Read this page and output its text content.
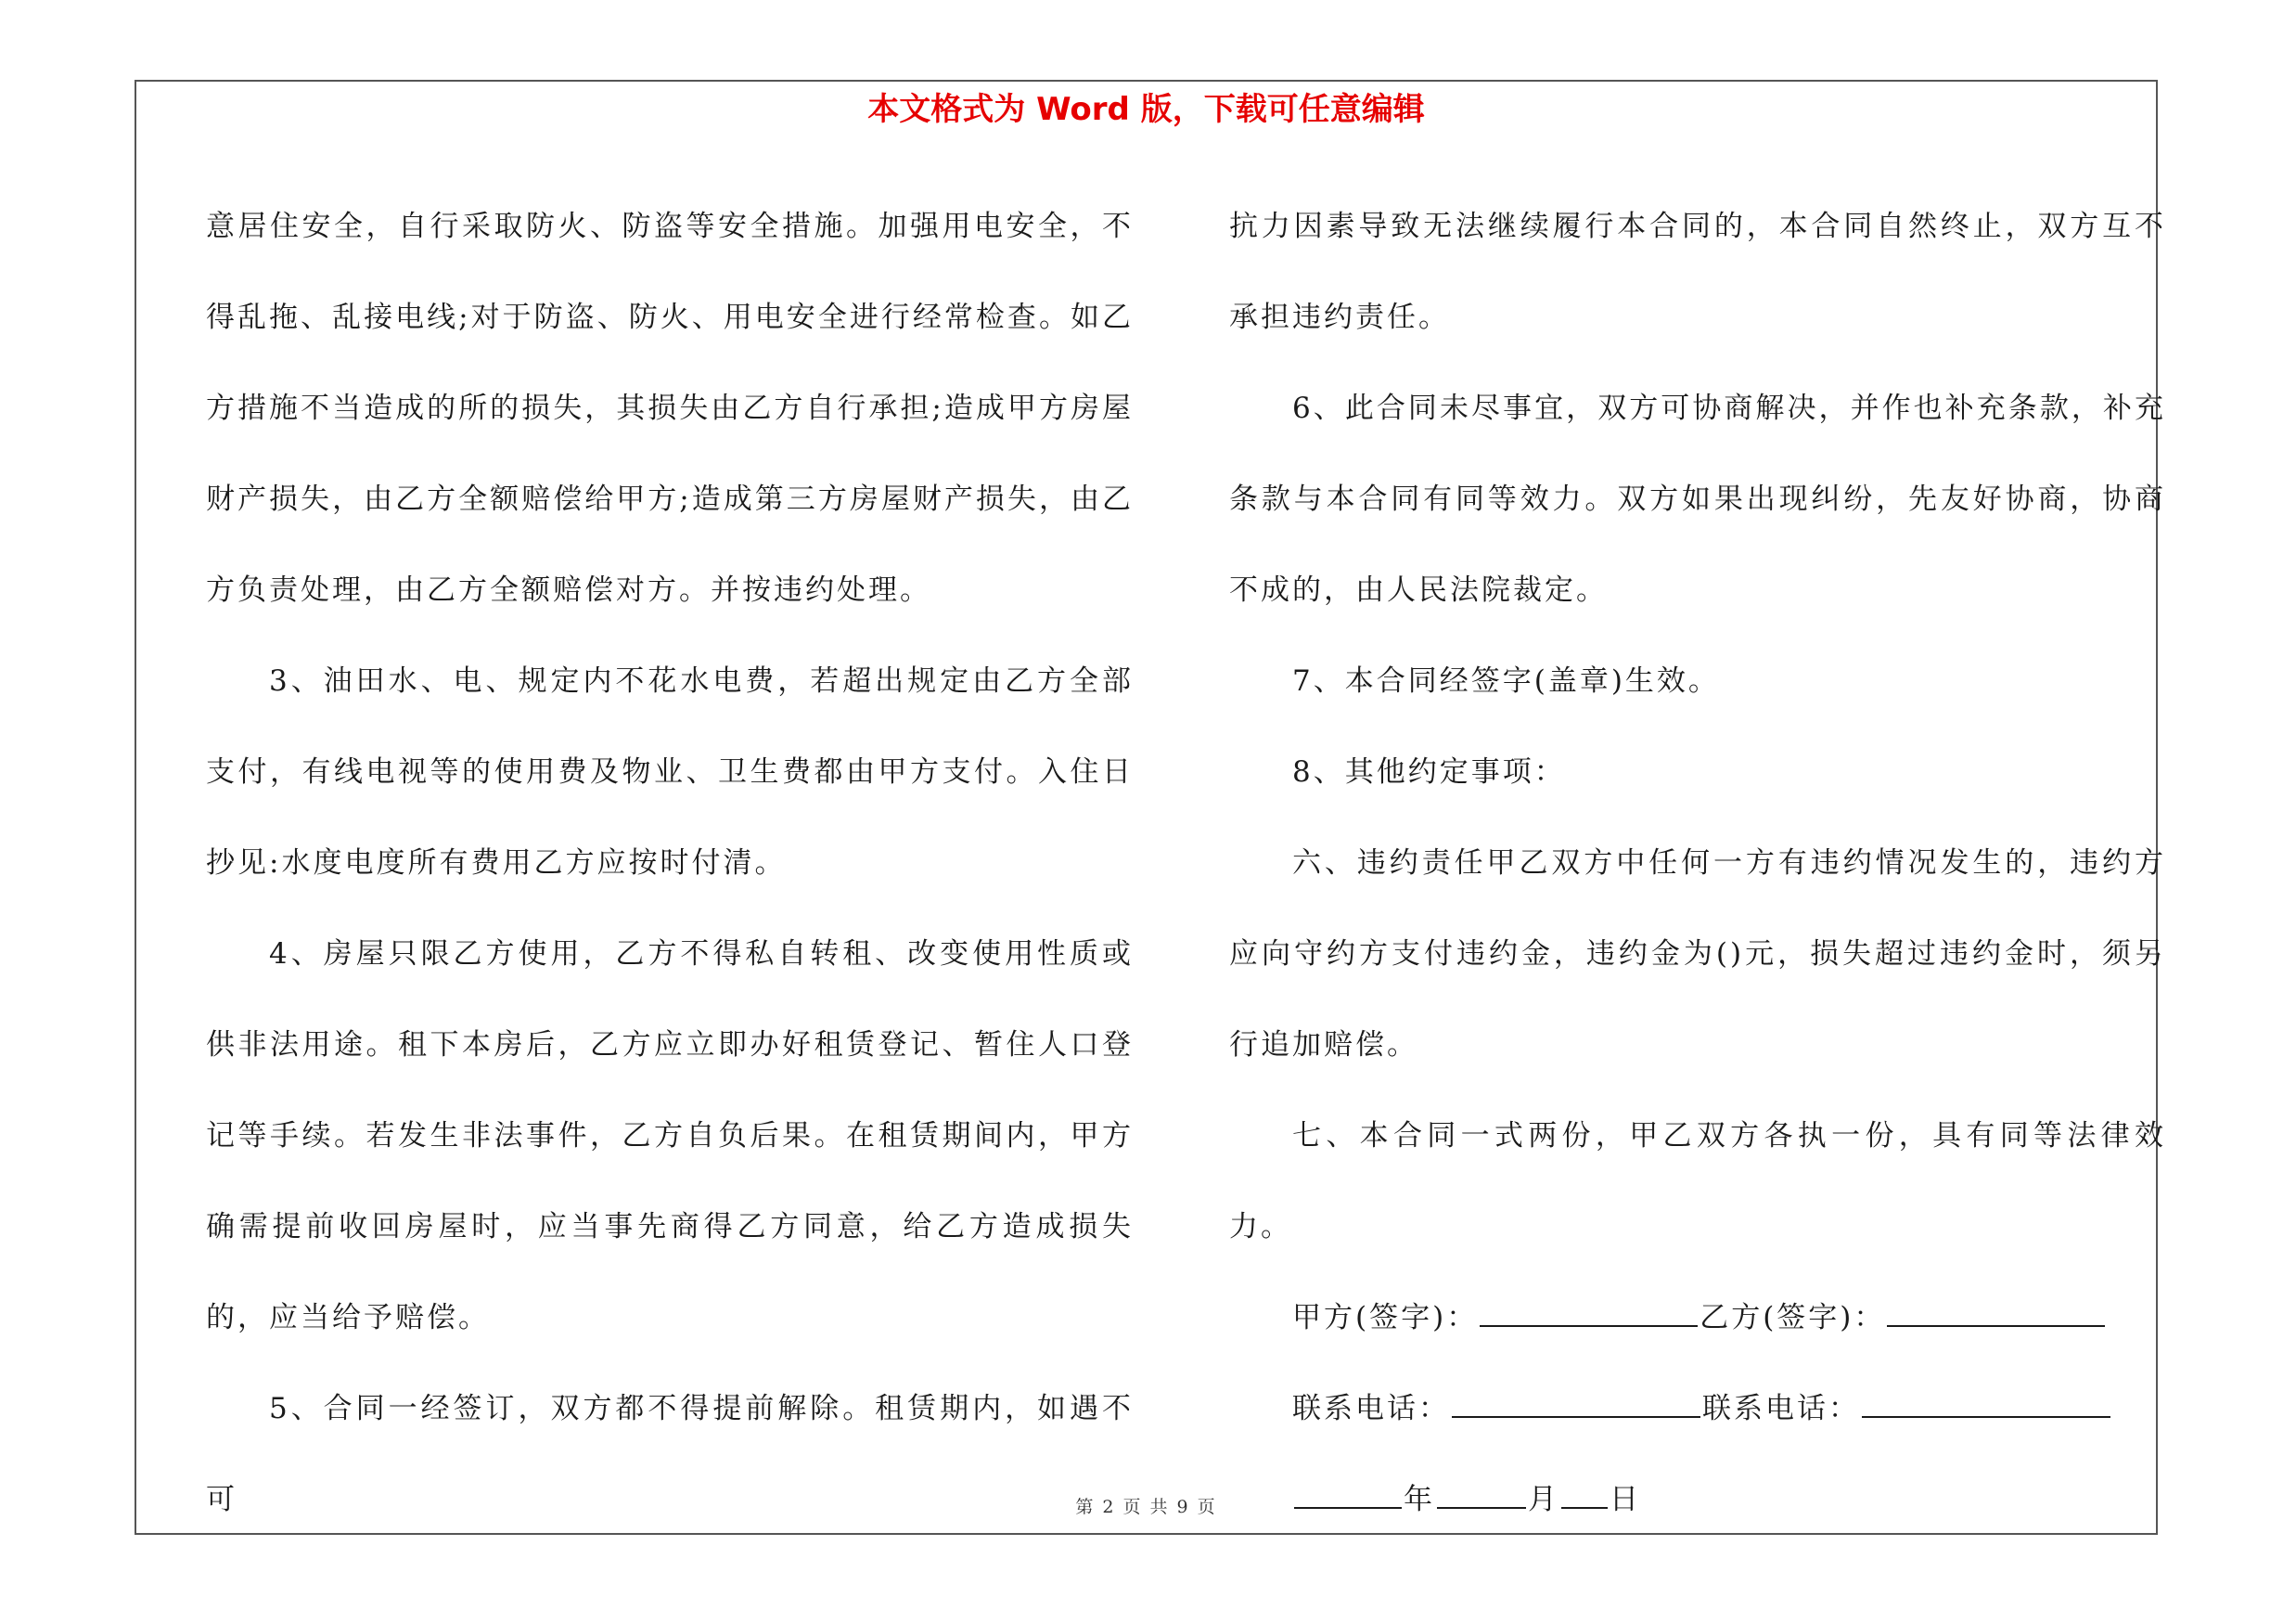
本文格式为 Word 版，下载可任意编辑

意居住安全，自行采取防火、防盗等安全措施。加强用电安全，不得乱拖、乱接电线;对于防盗、防火、用电安全进行经常检查。如乙方措施不当造成的所的损失，其损失由乙方自行承担;造成甲方房屋财产损失，由乙方全额赔偿给甲方;造成第三方房屋财产损失，由乙方负责处理，由乙方全额赔偿对方。并按违约处理。

3、油田水、电、规定内不花水电费，若超出规定由乙方全部支付，有线电视等的使用费及物业、卫生费都由甲方支付。入住日抄见:水度电度所有费用乙方应按时付清。

4、房屋只限乙方使用，乙方不得私自转租、改变使用性质或供非法用途。租下本房后，乙方应立即办好租赁登记、暂住人口登记等手续。若发生非法事件，乙方自负后果。在租赁期间内，甲方确需提前收回房屋时，应当事先商得乙方同意，给乙方造成损失的，应当给予赔偿。

5、合同一经签订，双方都不得提前解除。租赁期内，如遇不可

抗力因素导致无法继续履行本合同的，本合同自然终止，双方互不承担违约责任。

6、此合同未尽事宜，双方可协商解决，并作也补充条款，补充条款与本合同有同等效力。双方如果出现纠纷，先友好协商，协商不成的，由人民法院裁定。

7、本合同经签字(盖章)生效。

8、其他约定事项：

六、违约责任甲乙双方中任何一方有违约情况发生的，违约方应向守约方支付违约金，违约金为()元，损失超过违约金时，须另行追加赔偿。

七、本合同一式两份，甲乙双方各执一份，具有同等法律效力。

甲方(签字)：	乙方(签字)：

联系电话：	联系电话：

年	月 日

第 2 页 共 9 页
